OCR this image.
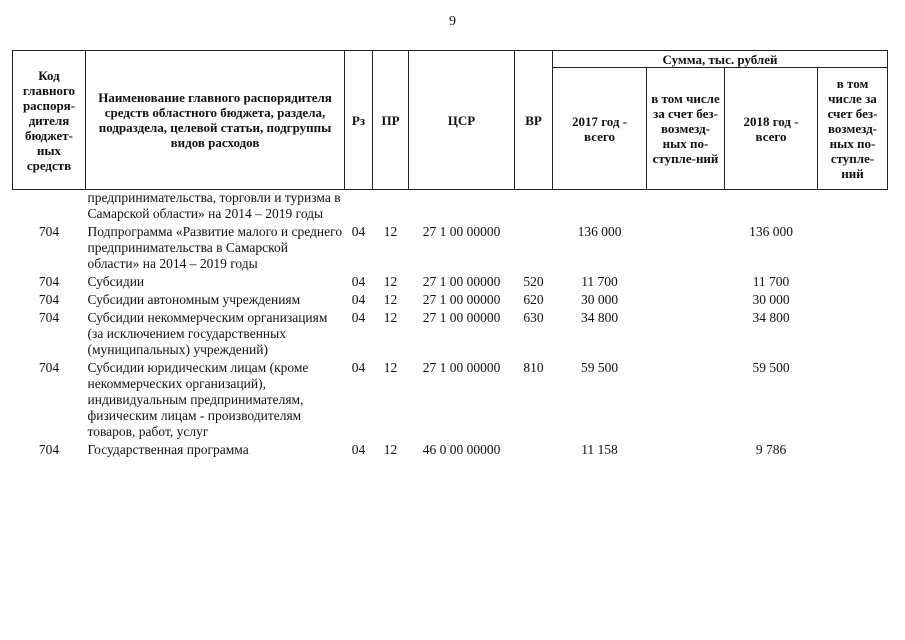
9
Код главного распоря-дителя бюджет-ных средств	Наименование главного распорядителя средств областного бюджета, раздела, подраздела, целевой статьи, подгруппы видов расходов	Рз	ПР	ЦСР	ВР	Сумма, тыс. рублей			
						2017 год - всего	в том числе за счет без-возмезд-ных по-ступле-ний	2018 год - всего	в том числе за счет без-возмезд-ных по-ступле-ний
	предпринимательства, торговли и туризма в Самарской области» на 2014 – 2019 годы								
704	Подпрограмма «Развитие малого и среднего предпринимательства в Самарской области» на 2014 – 2019 годы	04	12	27 1 00 00000		136 000		136 000	
704	Субсидии	04	12	27 1 00 00000	520	11 700		11 700	
704	Субсидии автономным учреждениям	04	12	27 1 00 00000	620	30 000		30 000	
704	Субсидии некоммерческим организациям (за исключением государственных (муниципальных) учреждений)	04	12	27 1 00 00000	630	34 800		34 800	
704	Субсидии юридическим лицам (кроме некоммерческих организаций), индивидуальным предпринимателям, физическим лицам - производителям товаров, работ, услуг	04	12	27 1 00 00000	810	59 500		59 500	
704	Государственная программа	04	12	46 0 00 00000		11 158		9 786	
